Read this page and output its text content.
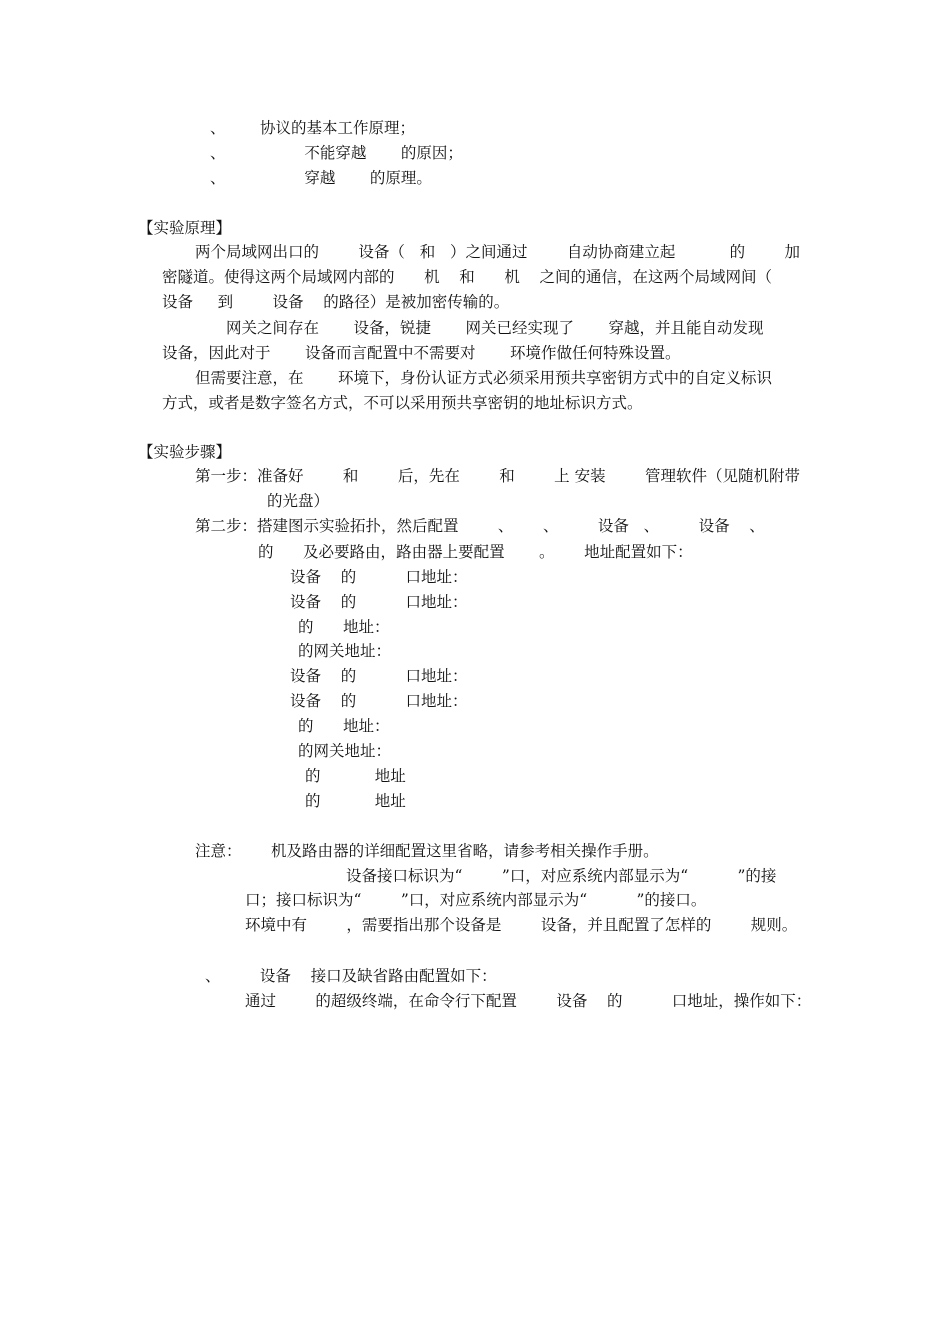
、       协议的基本工作原理；
、                不能穿越       的原因；
、                穿越       的原理。
【实验原理】
两个局域网出口的        设备（   和   ）之间通过        自动协商建立起           的        加
密隧道。使得这两个局域网内部的      机    和      机    之间的通信，在这两个局域网间（
设备     到        设备    的路径）是被加密传输的。
网关之间存在       设备，锐捷       网关已经实现了       穿越，并且能自动发现
设备，因此对于       设备而言配置中不需要对       环境作做任何特殊设置。
但需要注意，在       环境下，身份认证方式必须采用预共享密钥方式中的自定义标识
方式，或者是数字签名方式，不可以采用预共享密钥的地址标识方式。
【实验步骤】
第一步：准备好        和        后，先在        和        上 安装        管理软件（见随机附带
的光盘）
第二步：搭建图示实验拓扑，然后配置        、      、        设备   、        设备    、
的      及必要路由，路由器上要配置       。      地址配置如下：
设备    的          口地址：
设备    的          口地址：
的      地址：
的网关地址：
设备    的          口地址：
设备    的          口地址：
的      地址：
的网关地址：
的           地址
的           地址
注意：      机及路由器的详细配置这里省略，请参考相关操作手册。
设备接口标识为“        ”口，对应系统内部显示为“          ”的接
口；接口标识为“        ”口，对应系统内部显示为“          ”的接口。
环境中有        ，需要指出那个设备是        设备，并且配置了怎样的        规则。
、        设备    接口及缺省路由配置如下：
通过        的超级终端，在命令行下配置        设备    的          口地址，操作如下：
